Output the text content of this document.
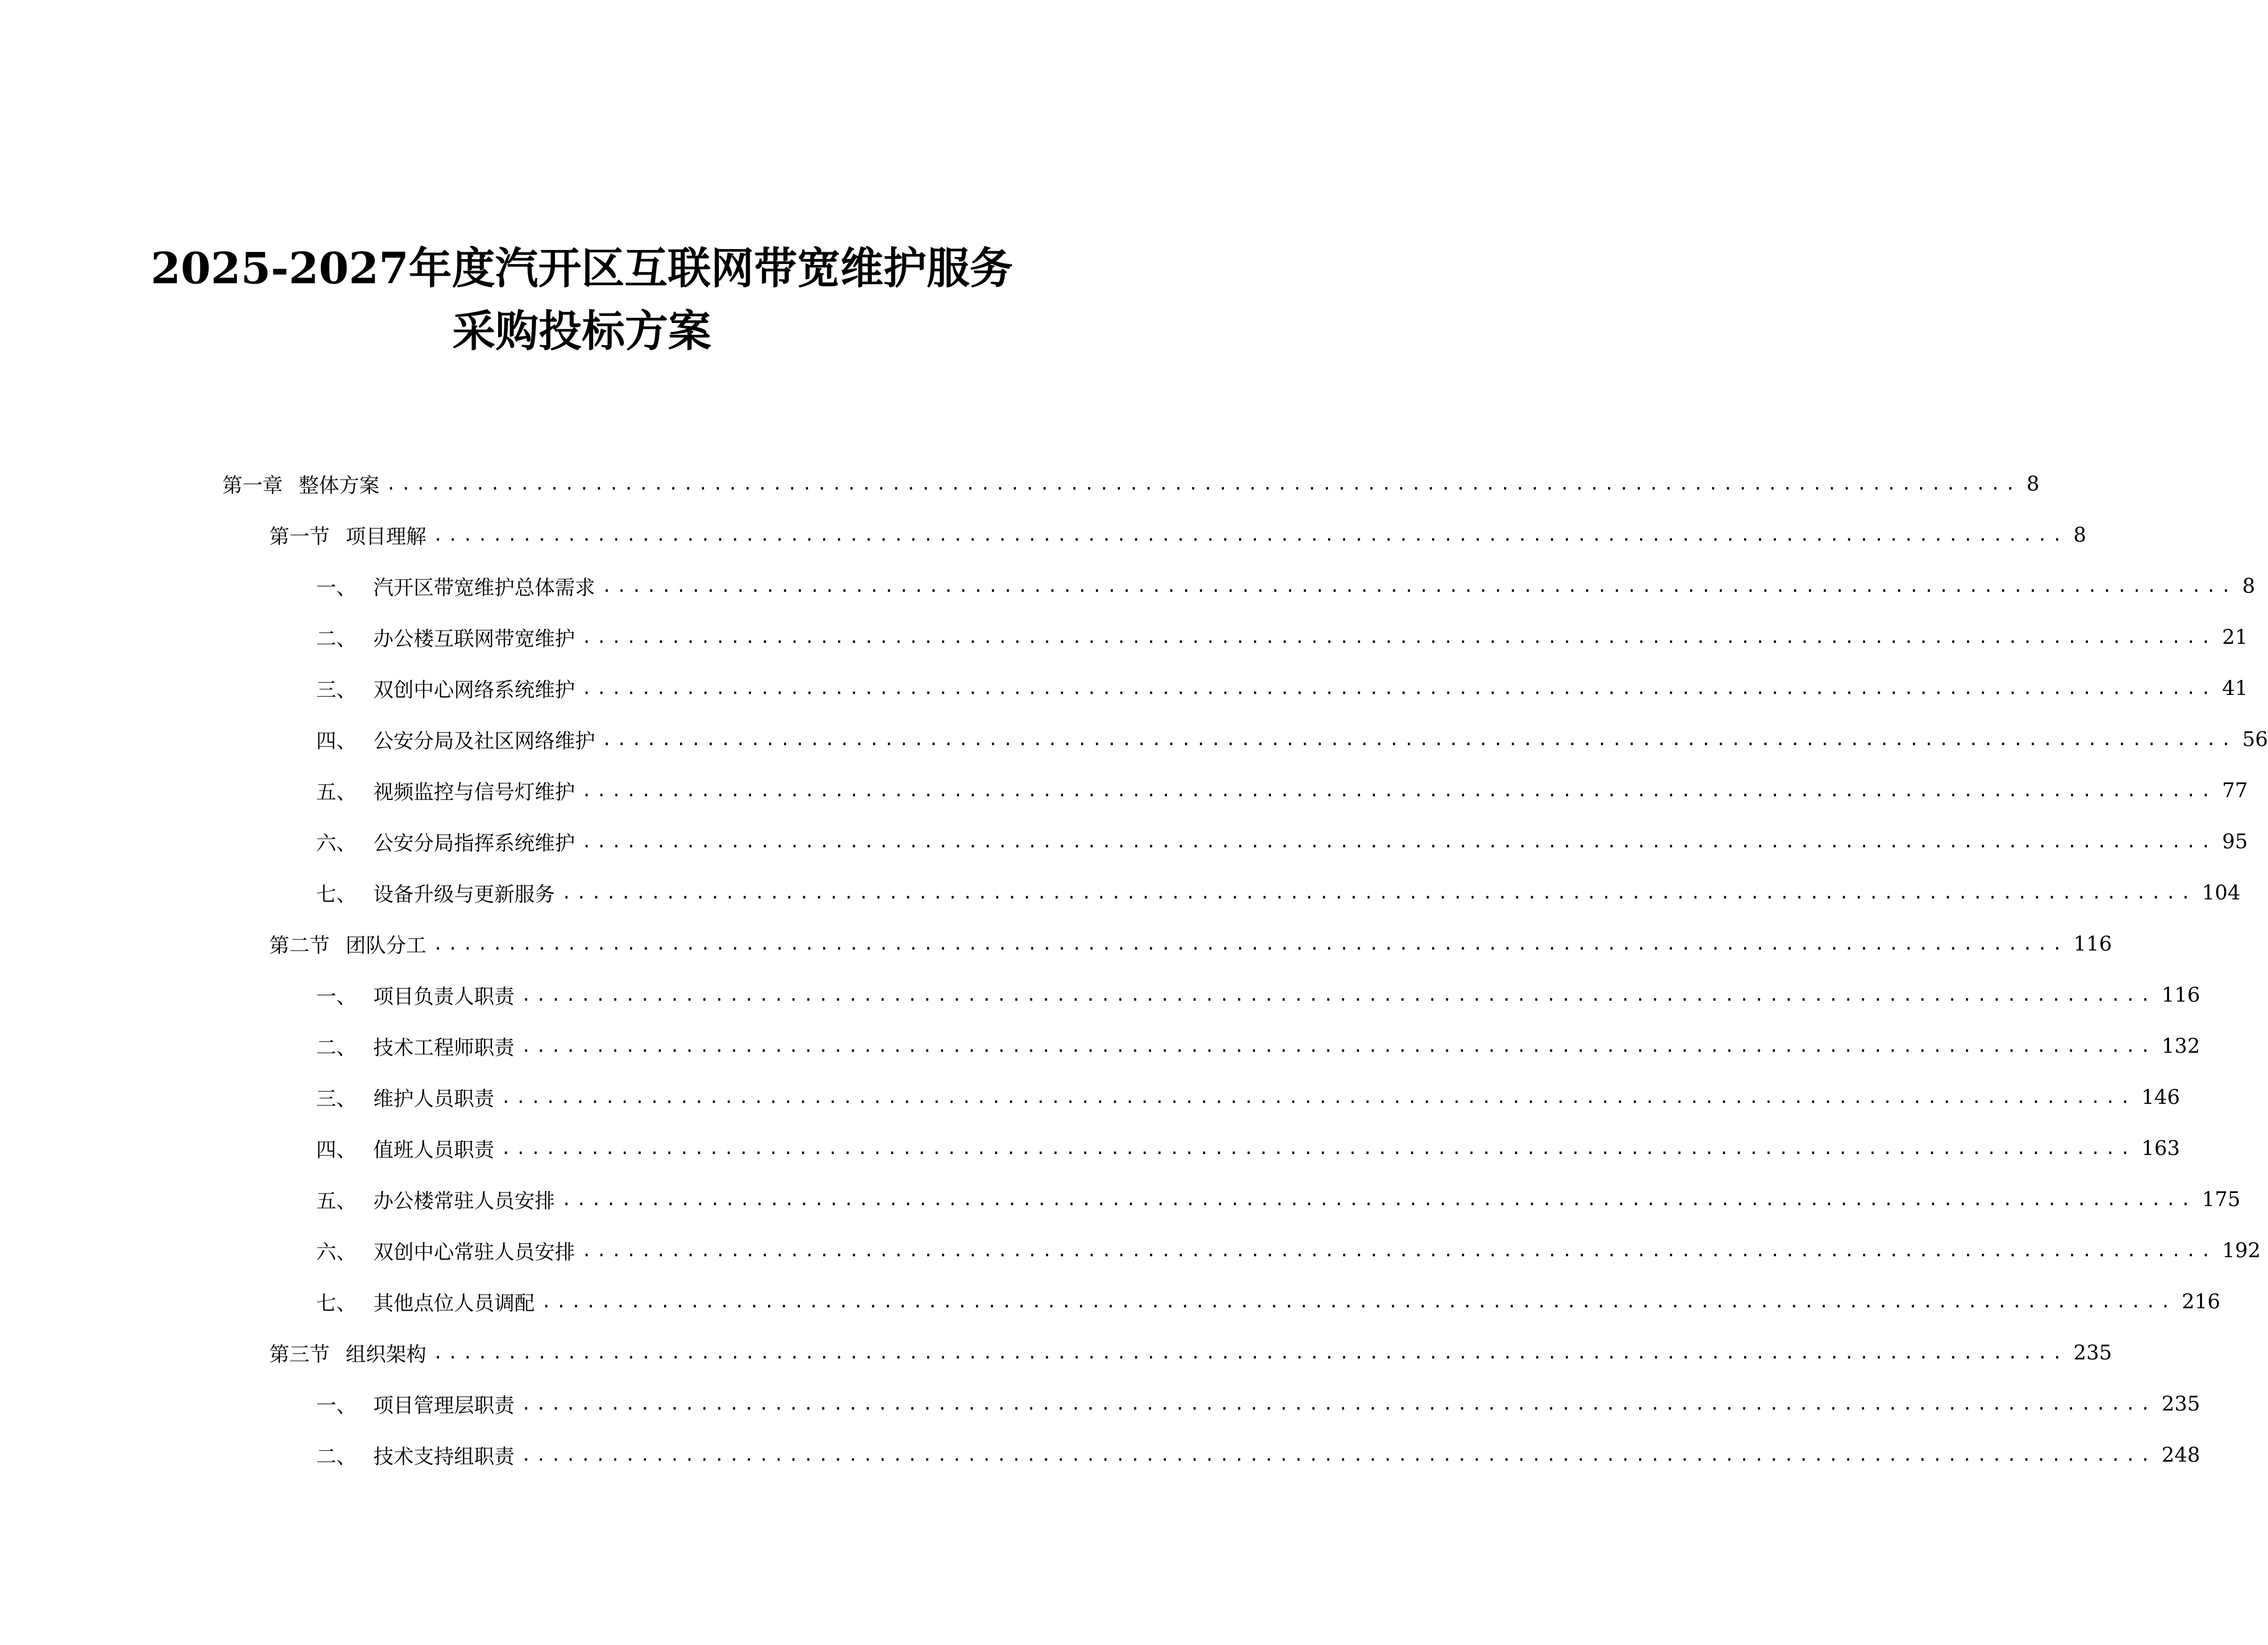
2025-2027年度汽开区互联网带宽维护服务
采购投标方案
第一章 整体方案 .............................................................................................................. 8
第一节 项目理解 .............................................................................................................. 8
一、 汽开区带宽维护总体需求 .............................................................................................................. 8
二、 办公楼互联网带宽维护 .............................................................................................................. 21
三、 双创中心网络系统维护 .............................................................................................................. 41
四、 公安分局及社区网络维护 .............................................................................................................. 56
五、 视频监控与信号灯维护 .............................................................................................................. 77
六、 公安分局指挥系统维护 .............................................................................................................. 95
七、 设备升级与更新服务 .............................................................................................................. 104
第二节 团队分工 .............................................................................................................. 116
一、 项目负责人职责 .............................................................................................................. 116
二、 技术工程师职责 .............................................................................................................. 132
三、 维护人员职责 .............................................................................................................. 146
四、 值班人员职责 .............................................................................................................. 163
五、 办公楼常驻人员安排 .............................................................................................................. 175
六、 双创中心常驻人员安排 .............................................................................................................. 192
七、 其他点位人员调配 .............................................................................................................. 216
第三节 组织架构 .............................................................................................................. 235
一、 项目管理层职责 .............................................................................................................. 235
二、 技术支持组职责 .............................................................................................................. 248
